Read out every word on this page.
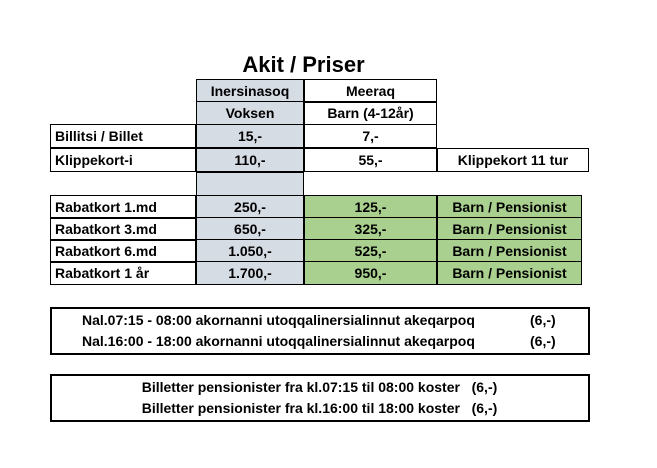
Akit / Priser
Inersinasoq	Meeraq
Voksen	Barn (4-12år)
Billitsi / Billet	15,-	7,-
Klippekort-i	110,-	55,-	Klippekort 11 tur
Rabatkort 1.md	250,-	125,-	Barn / Pensionist
Rabatkort 3.md	650,-	325,-	Barn / Pensionist
Rabatkort 6.md	1.050,-	525,-	Barn / Pensionist
Rabatkort 1 år	1.700,-	950,-	Barn / Pensionist
Nal.07:15 - 08:00 akornanni utoqqalinersialinnut akeqarpoq	(6,-)
Nal.16:00 - 18:00 akornanni utoqqalinersialinnut akeqarpoq	(6,-)
Billetter pensionister fra kl.07:15 til 08:00 koster   (6,-)
Billetter pensionister fra kl.16:00 til 18:00 koster   (6,-)
